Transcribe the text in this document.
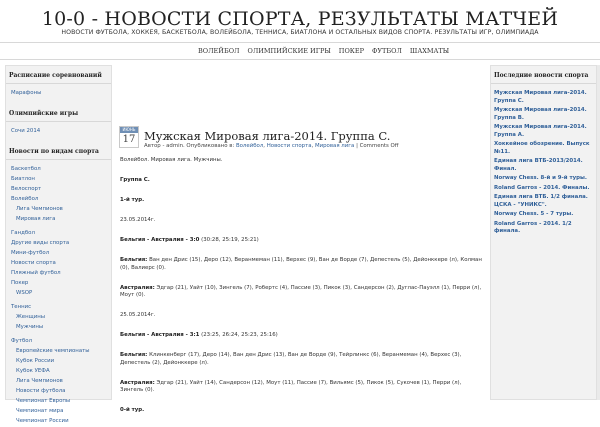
10-0 - НОВОСТИ СПОРТА, РЕЗУЛЬТАТЫ МАТЧЕЙ
НОВОСТИ ФУТБОЛА, ХОККЕЯ, БАСКЕТБОЛА, ВОЛЕЙБОЛА, ТЕННИСА, БИАТЛОНА И ОСТАЛЬНЫХ ВИДОВ СПОРТА. РЕЗУЛЬТАТЫ ИГР, ОЛИМПИАДА
ВОЛЕЙБОЛ ОЛИМПИЙСКИЕ ИГРЫ ПОКЕР ФУТБОЛ ШАХМАТЫ
Расписание соревнований
Марафоны
Олимпийские игры
Сочи 2014
Новости по видам спорта
Баскетбол
Биатлон
Велоспорт
Волейбол
Лига Чемпионов
Мировая лига
Гандбол
Другие виды спорта
Мини-футбол
Новости спорта
Пляжный футбол
Покер
WSOP
Теннис
Женщины
Мужчины
Футбол
Европейские чемпионаты
Кубок России
Кубок УЕФА
Лига Чемпионов
Новости футбола
Чемпионат Европы
Чемпионат мира
Чемпионат России
ИЮНЬ
17 Мужская Мировая лига-2014. Группа C.
Автор - admin. Опубликовано в: Волейбол, Новости спорта, Мировая лига | Comments Off

Волейбол. Мировая лига. Мужчины.

Группа C.

1-й тур.

23.05.2014г.

Бельгия - Австралия - 3:0 (30:28, 25:19, 25:21)

Бельгия: Ван ден Дрис (15), Деро (12), Веранмеман (11), Верхес (9), Ван де Ворде (7), Депестель (5), Дейонккере (л), Колман (0), Валиерс (0).

Австралия: Эдгар (21), Уайт (10), Зингель (7), Робертс (4), Пассие (3), Пикок (3), Сандерсон (2), Дуглас-Пауэлл (1), Перри (л), Моут (0).

25.05.2014г.

Бельгия - Австралия - 3:1 (23:25, 26:24, 25:23, 25:16)

Бельгия: Клинкенберг (17), Деро (14), Ван ден Дрис (13), Ван де Ворде (9), Тейрлинкс (6), Веранмеман (4), Верхес (3), Депестель (2), Дейонккере (л).

Австралия: Эдгар (21), Уайт (14), Сандерсон (12), Моут (11), Пассие (7), Вильямс (5), Пикок (5), Сукочев (1), Перри (л), Зингель (0).

0-й тур.

Последние новости спорта
Мужская Мировая лига-2014. Группа C.
Мужская Мировая лига-2014. Группа B.
Мужская Мировая лига-2014. Группа A.
Хоккейное обозрение. Выпуск №11.
Единая лига ВТБ-2013/2014. Финал.
Norway Chess. 8-й и 9-й туры.
Roland Garros - 2014. Финалы.
Единая лига ВТБ. 1/2 финала. ЦСКА - "УНИКС".
Norway Chess. 5 - 7 туры.
Roland Garros - 2014. 1/2 финала.
